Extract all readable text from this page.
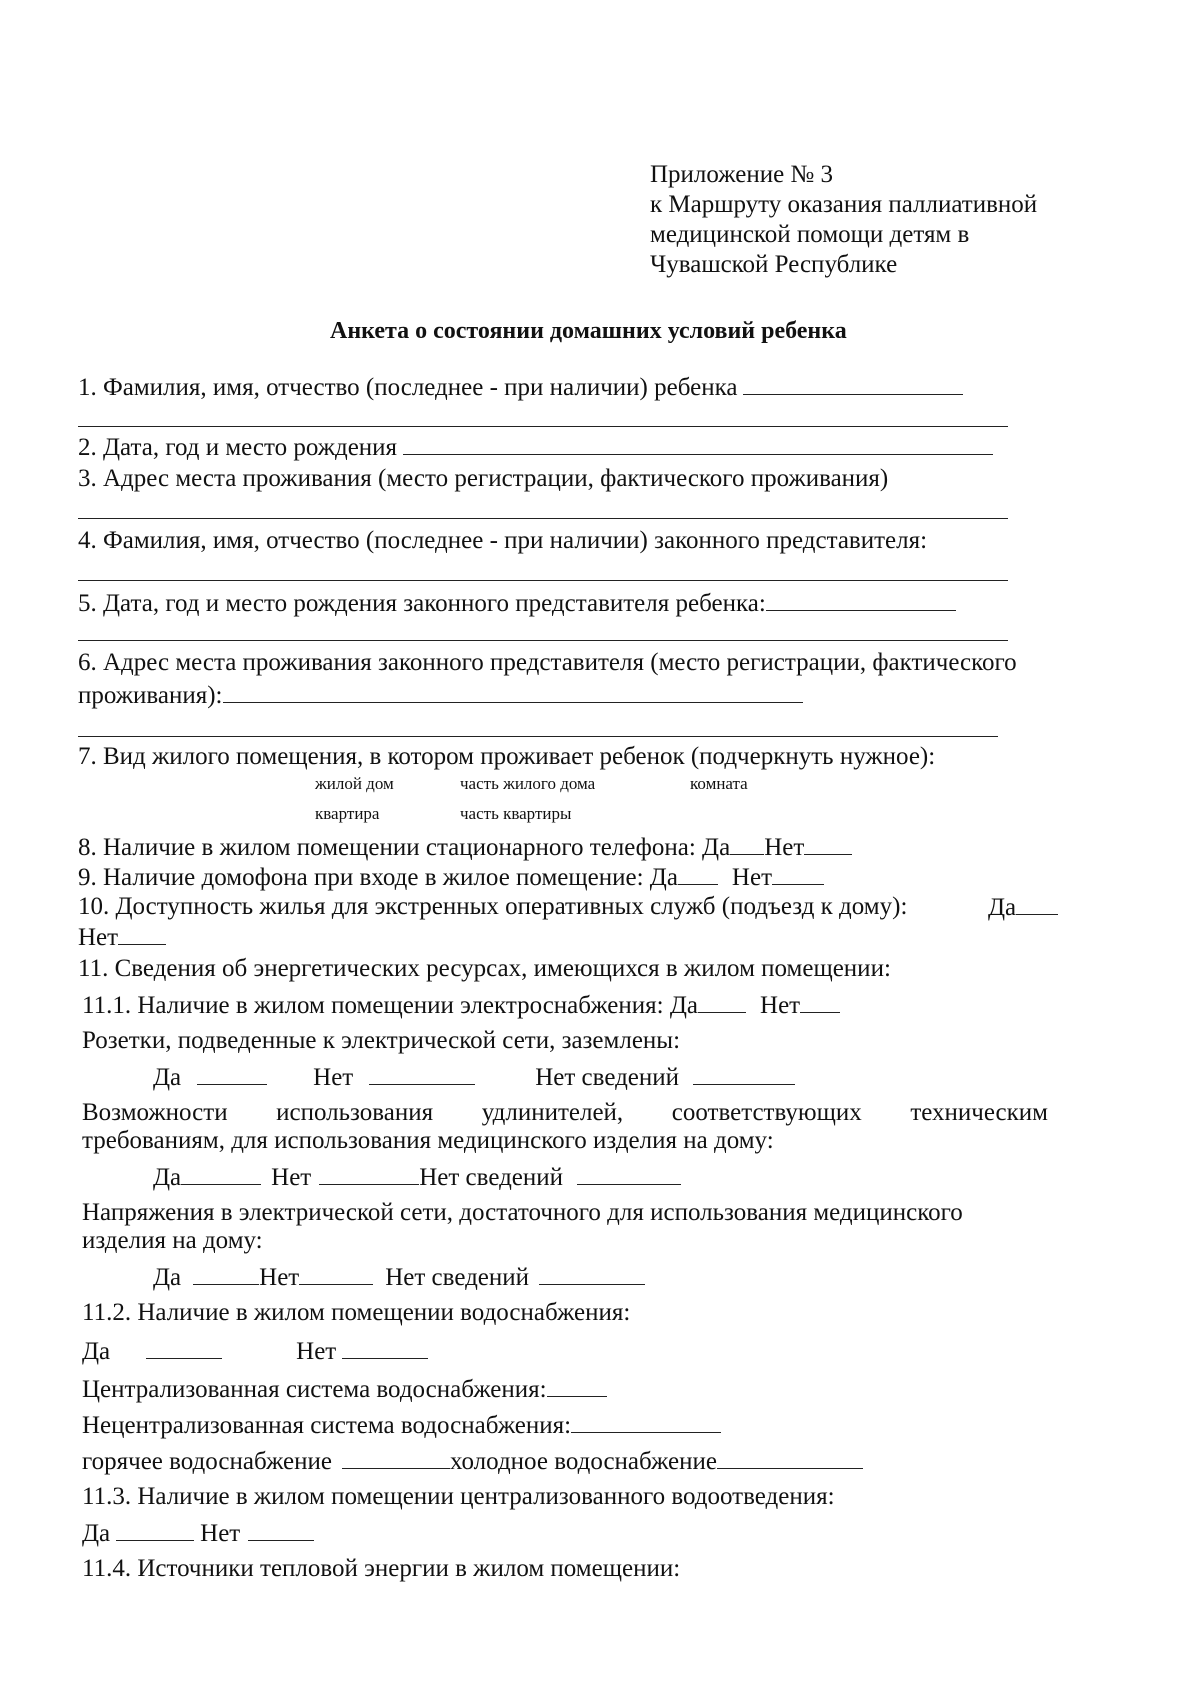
Приложение № 3
к Маршруту оказания паллиативной
медицинской помощи детям в
Чувашской Республике
Анкета о состоянии домашних условий ребенка
1. Фамилия, имя, отчество (последнее - при наличии) ребенка
2. Дата, год и место рождения
3. Адрес места проживания (место регистрации, фактического проживания)
4. Фамилия, имя, отчество (последнее - при наличии) законного представителя:
5. Дата, год и место рождения законного представителя ребенка:
6. Адрес места проживания законного представителя (место регистрации, фактического
проживания):
7. Вид жилого помещения, в котором проживает ребенок (подчеркнуть нужное):
жилой дом	часть жилого дома	комната
квартира	часть квартиры
8. Наличие в жилом помещении стационарного телефона: Да Нет
9. Наличие домофона при входе в жилое помещение: Да Нет
10. Доступность жилья для экстренных оперативных служб (подъезд к дому):	Да
Нет
11. Сведения об энергетических ресурсах, имеющихся в жилом помещении:
11.1. Наличие в жилом помещении электроснабжения: Да Нет
Розетки, подведенные к электрической сети, заземлены:
Да	Нет	Нет сведений
Возможности использования удлинителей, соответствующих техническим
требованиям, для использования медицинского изделия на дому:
Да	Нет	Нет сведений
Напряжения в электрической сети, достаточного для использования медицинского
изделия на дому:
Да	Нет	Нет сведений
11.2. Наличие в жилом помещении водоснабжения:
Да	Нет
Централизованная система водоснабжения:
Нецентрализованная система водоснабжения:
горячее водоснабжение	холодное водоснабжение
11.3. Наличие в жилом помещении централизованного водоотведения:
Да	Нет
11.4. Источники тепловой энергии в жилом помещении:
